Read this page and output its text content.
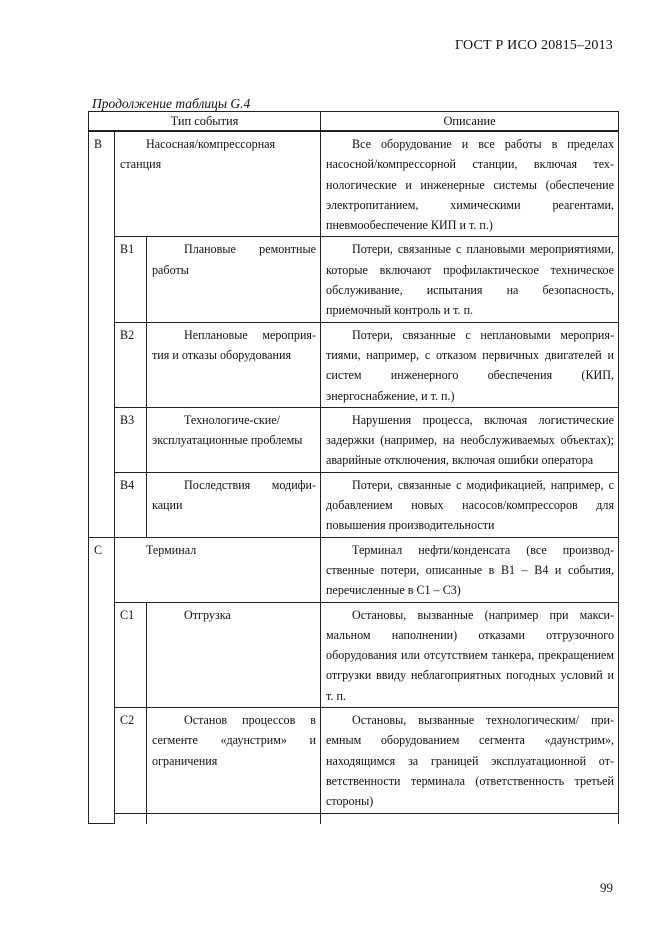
ГОСТ Р ИСО 20815–2013
Продолжение таблицы G.4
Тип события			Описание
B	Насосная/компрессорная станция		Все оборудование и все работы в пределах насосной/компрессорной станции, включая технологические и инженерные системы (обеспечение электропитанием, химическими реагентами, пневмообеспечение КИП и т. п.)
	B1	Плановые ремонтные работы	Потери, связанные с плановыми мероприятиями, которые включают профилактическое техническое обслуживание, испытания на безопасность, приемочный контроль и т. п.
	B2	Неплановые мероприятия и отказы оборудования	Потери, связанные с неплановыми мероприятиями, например, с отказом первичных двигателей и систем инженерного обеспечения (КИП, энергоснабжение, и т. п.)
	B3	Технологиче-ские/эксплуатационные проблемы	Нарушения процесса, включая логистические задержки (например, на необслуживаемых объектах); аварийные отключения, включая ошибки оператора
	B4	Последствия модификации	Потери, связанные с модификацией, например, с добавлением новых насосов/компрессоров для повышения производительности
C	Терминал		Терминал нефти/конденсата (все производственные потери, описанные в B1 – B4 и события, перечисленные в C1 – C3)
	C1	Отгрузка	Остановы, вызванные (например при максимальном наполнении) отказами отгрузочного оборудования или отсутствием танкера, прекращением отгрузки ввиду неблагоприятных погодных условий и т. п.
	C2	Останов процессов в сегменте «даунстрим» и ограничения	Остановы, вызванные технологическим/ приемным оборудованием сегмента «даунстрим», находящимся за границей эксплуатационной ответственности терминала (ответственность третьей стороны)

99
